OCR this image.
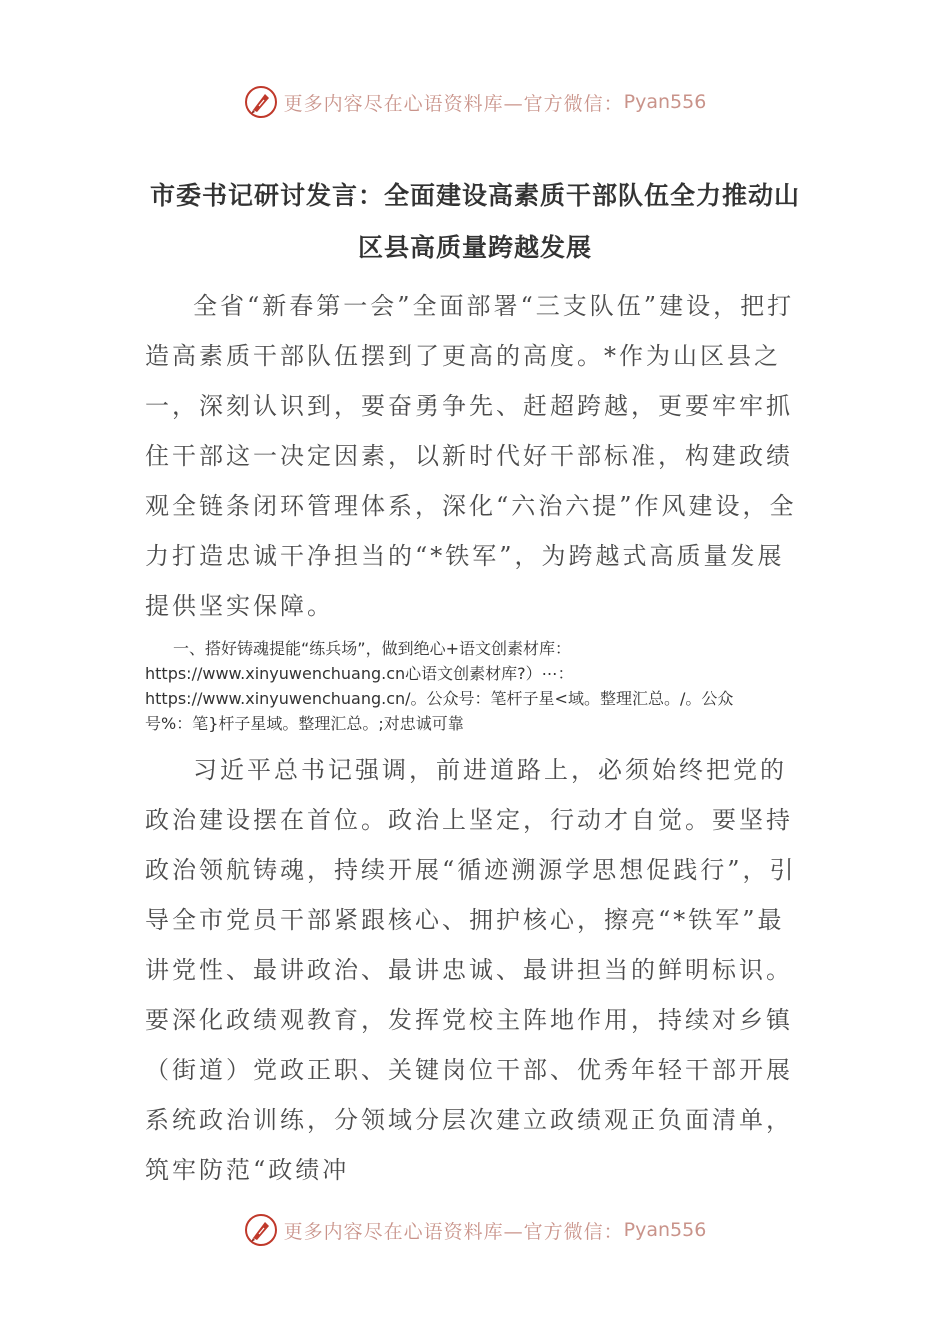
更多内容尽在心语资料库—官方微信： Pyan556
市委书记研讨发言：全面建设高素质干部队伍全力推动山区县高质量跨越发展

全省“新春第一会”全面部署“三支队伍”建设，把打造高素质干部队伍摆到了更高的高度。*作为山区县之一，深刻认识到，要奋勇争先、赶超跨越，更要牢牢抓住干部这一决定因素，以新时代好干部标准，构建政绩观全链条闭环管理体系，深化“六治六提”作风建设，全力打造忠诚干净担当的“*铁军”，为跨越式高质量发展提供坚实保障。

一、搭好铸魂提能“练兵场”，做到绝心+语文创素材库：https://www.xinyuwenchuang.cn心语文创素材库?）⋯：https://www.xinyuwenchuang.cn/。公众号：笔杆子星<域。整理汇总。/。公众号%：笔}杆子星域。整理汇总。;对忠诚可靠

习近平总书记强调，前进道路上，必须始终把党的政治建设摆在首位。政治上坚定，行动才自觉。要坚持政治领航铸魂，持续开展“循迹溯源学思想促践行”，引导全市党员干部紧跟核心、拥护核心，擦亮“*铁军”最讲党性、最讲政治、最讲忠诚、最讲担当的鲜明标识。要深化政绩观教育，发挥党校主阵地作用，持续对乡镇（街道）党政正职、关键岗位干部、优秀年轻干部开展系统政治训练，分领域分层次建立政绩观正负面清单，筑牢防范“政绩冲

更多内容尽在心语资料库—官方微信： Pyan556
